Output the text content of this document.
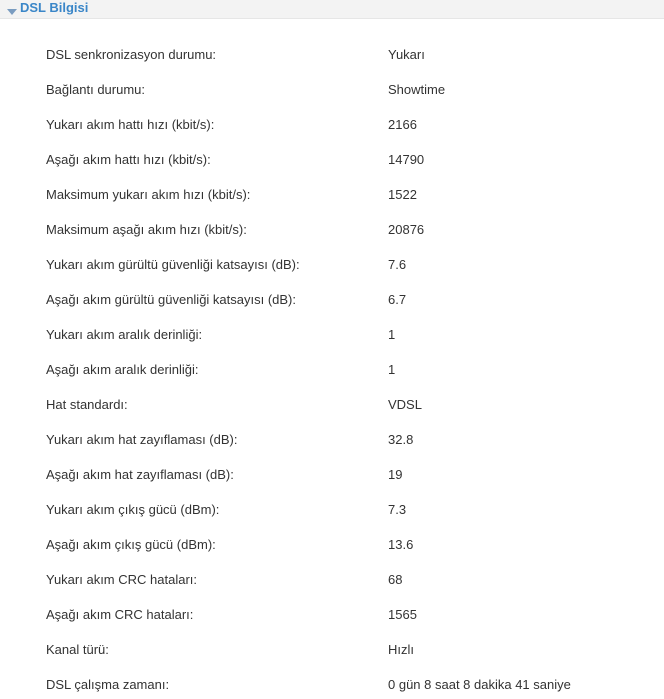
DSL Bilgisi
DSL senkronizasyon durumu:	Yukarı
Bağlantı durumu:	Showtime
Yukarı akım hattı hızı (kbit/s):	2166
Aşağı akım hattı hızı (kbit/s):	14790
Maksimum yukarı akım hızı (kbit/s):	1522
Maksimum aşağı akım hızı (kbit/s):	20876
Yukarı akım gürültü güvenliği katsayısı (dB):	7.6
Aşağı akım gürültü güvenliği katsayısı (dB):	6.7
Yukarı akım aralık derinliği:	1
Aşağı akım aralık derinliği:	1
Hat standardı:	VDSL
Yukarı akım hat zayıflaması (dB):	32.8
Aşağı akım hat zayıflaması (dB):	19
Yukarı akım çıkış gücü (dBm):	7.3
Aşağı akım çıkış gücü (dBm):	13.6
Yukarı akım CRC hataları:	68
Aşağı akım CRC hataları:	1565
Kanal türü:	Hızlı
DSL çalışma zamanı:	0 gün 8 saat 8 dakika 41 saniye
